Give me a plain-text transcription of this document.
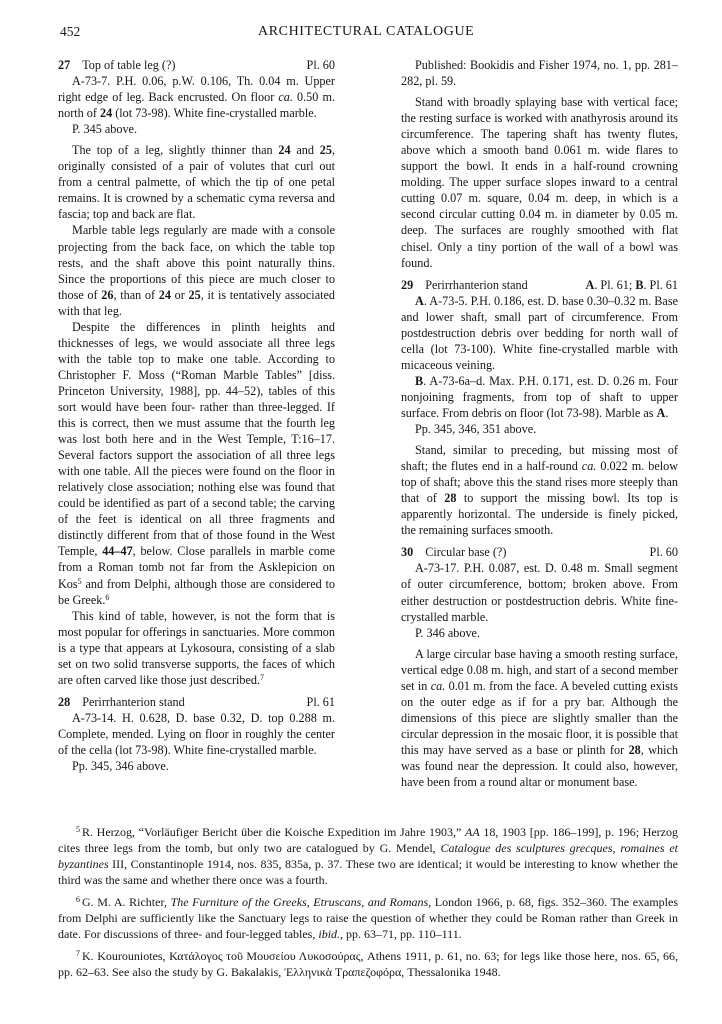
452	ARCHITECTURAL CATALOGUE
27 Top of table leg (?)	Pl. 60

A-73-7. P.H. 0.06, p.W. 0.106, Th. 0.04 m. Upper right edge of leg. Back encrusted. On floor ca. 0.50 m. north of 24 (lot 73-98). White fine-crystalled marble.

P. 345 above.

The top of a leg, slightly thinner than 24 and 25, originally consisted of a pair of volutes that curl out from a central palmette, of which the tip of one petal remains. It is crowned by a schematic cyma reversa and fascia; top and back are flat.

Marble table legs regularly are made with a console projecting from the back face, on which the table top rests, and the shaft above this point naturally thins. Since the proportions of this piece are much closer to those of 26, than of 24 or 25, it is tentatively associated with that leg.

Despite the differences in plinth heights and thicknesses of legs, we would associate all three legs with the table top to make one table. According to Christopher F. Moss (“Roman Marble Tables” [diss. Princeton University, 1988], pp. 44–52), tables of this sort would have been four- rather than three-legged. If this is correct, then we must assume that the fourth leg was lost both here and in the West Temple, T:16–17. Several factors support the association of all three legs with one table. All the pieces were found on the floor in relatively close association; nothing else was found that could be identified as part of a second table; the carving of the feet is identical on all three fragments and distinctly different from that of those found in the West Temple, 44–47, below. Close parallels in marble come from a Roman tomb not far from the Asklepicion on Kos$^5$ and from Delphi, although those are considered to be Greek.$^6$

This kind of table, however, is not the form that is most popular for offerings in sanctuaries. More common is a type that appears at Lykosoura, consisting of a slab set on two solid transverse supports, the faces of which are often carved like those just described.$^7$

28 Perirrhanterion stand	Pl. 61

A-73-14. H. 0.628, D. base 0.32, D. top 0.288 m. Complete, mended. Lying on floor in roughly the center of the cella (lot 73-98). White fine-crystalled marble.

Pp. 345, 346 above.

Published: Bookidis and Fisher 1974, no. 1, pp. 281–282, pl. 59.

Stand with broadly splaying base with vertical face; the resting surface is worked with anathyrosis around its circumference. The tapering shaft has twenty flutes, above which a smooth band 0.061 m. wide flares to support the bowl. It ends in a half-round crowning molding. The upper surface slopes inward to a central cutting 0.07 m. square, 0.04 m. deep, in which is a second circular cutting 0.04 m. in diameter by 0.05 m. deep. The surfaces are roughly smoothed with flat chisel. Only a tiny portion of the wall of a bowl was found.

29 Perirrhanterion stand	A. Pl. 61; B. Pl. 61

A. A-73-5. P.H. 0.186, est. D. base 0.30–0.32 m. Base and lower shaft, small part of circumference. From postdestruction debris over bedding for north wall of cella (lot 73-100). White fine-crystalled marble with micaceous veining.

B. A-73-6a–d. Max. P.H. 0.171, est. D. 0.26 m. Four nonjoining fragments, from top of shaft to upper surface. From debris on floor (lot 73-98). Marble as A.

Pp. 345, 346, 351 above.

Stand, similar to preceding, but missing most of shaft; the flutes end in a half-round ca. 0.022 m. below top of shaft; above this the stand rises more steeply than that of 28 to support the missing bowl. Its top is apparently horizontal. The underside is finely picked, the remaining surfaces smooth.

30 Circular base (?)	Pl. 60

A-73-17. P.H. 0.087, est. D. 0.48 m. Small segment of outer circumference, bottom; broken above. From either destruction or postdestruction debris. White fine-crystalled marble.

P. 346 above.

A large circular base having a smooth resting surface, vertical edge 0.08 m. high, and start of a second member set in ca. 0.01 m. from the face. A beveled cutting exists on the outer edge as if for a pry bar. Although the dimensions of this piece are slightly smaller than the circular depression in the mosaic floor, it is possible that this may have served as a base or plinth for 28, which was found near the depression. It could also, however, have been from a round altar or monument base.

$^5$ R. Herzog, “Vorläufiger Bericht über die Koische Expedition im Jahre 1903,” AA 18, 1903 [pp. 186–199], p. 196; Herzog cites three legs from the tomb, but only two are catalogued by G. Mendel, Catalogue des sculptures grecques, romaines et byzantines III, Constantinople 1914, nos. 835, 835a, p. 37. These two are identical; it would be interesting to know whether the third was the same and whether there once was a fourth.

$^6$ G. M. A. Richter, The Furniture of the Greeks, Etruscans, and Romans, London 1966, p. 68, figs. 352–360. The examples from Delphi are sufficiently like the Sanctuary legs to raise the question of whether they could be Roman rather than Greek in date. For discussions of three- and four-legged tables, ibid., pp. 63–71, pp. 110–111.

$^7$ K. Kourouniotes, Κατάλογος τοῦ Μουσείου Λυκοσούρας, Athens 1911, p. 61, no. 63; for legs like those here, nos. 65, 66, pp. 62–63. See also the study by G. Bakalakis, Ἐλληνικὰ Τραπεζοφόρα, Thessalonika 1948.
